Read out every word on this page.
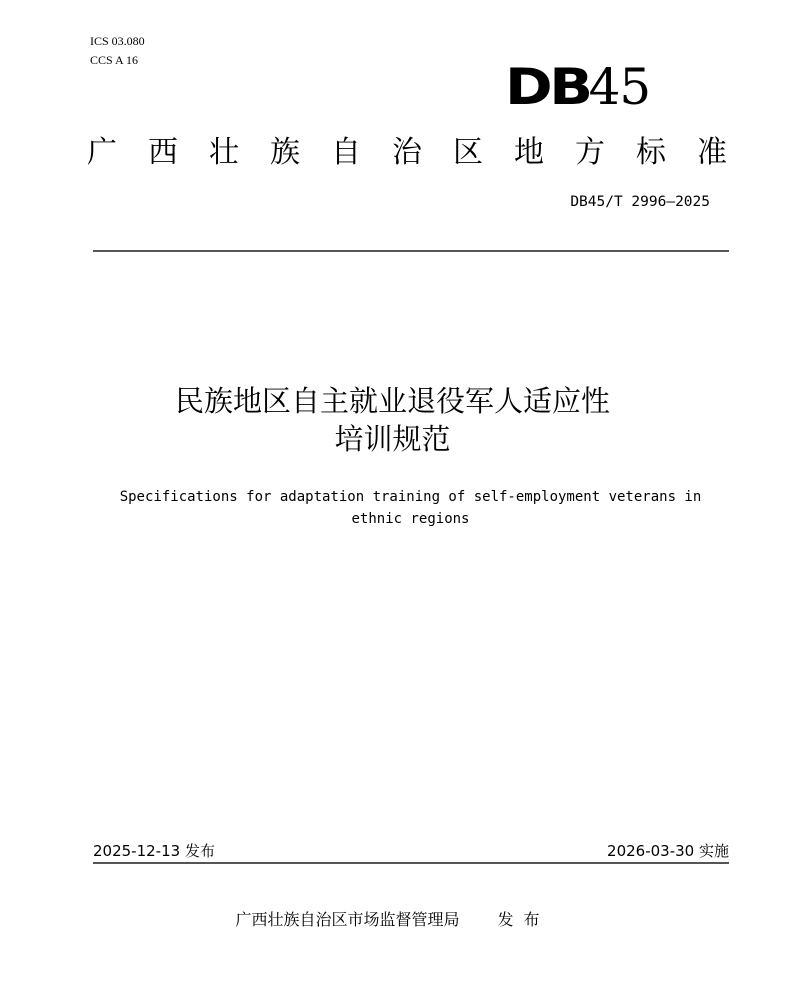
ICS 03.080
CCS A 16	DB45
广 西 壮 族 自 治 区 地 方 标 准
DB45/T 2996—2025
民族地区自主就业退役军人适应性
培训规范
Specifications for adaptation training of self-employment veterans in
ethnic regions
2025-12-13 发布	2026-03-30 实施
广西壮族自治区市场监督管理局 发布
